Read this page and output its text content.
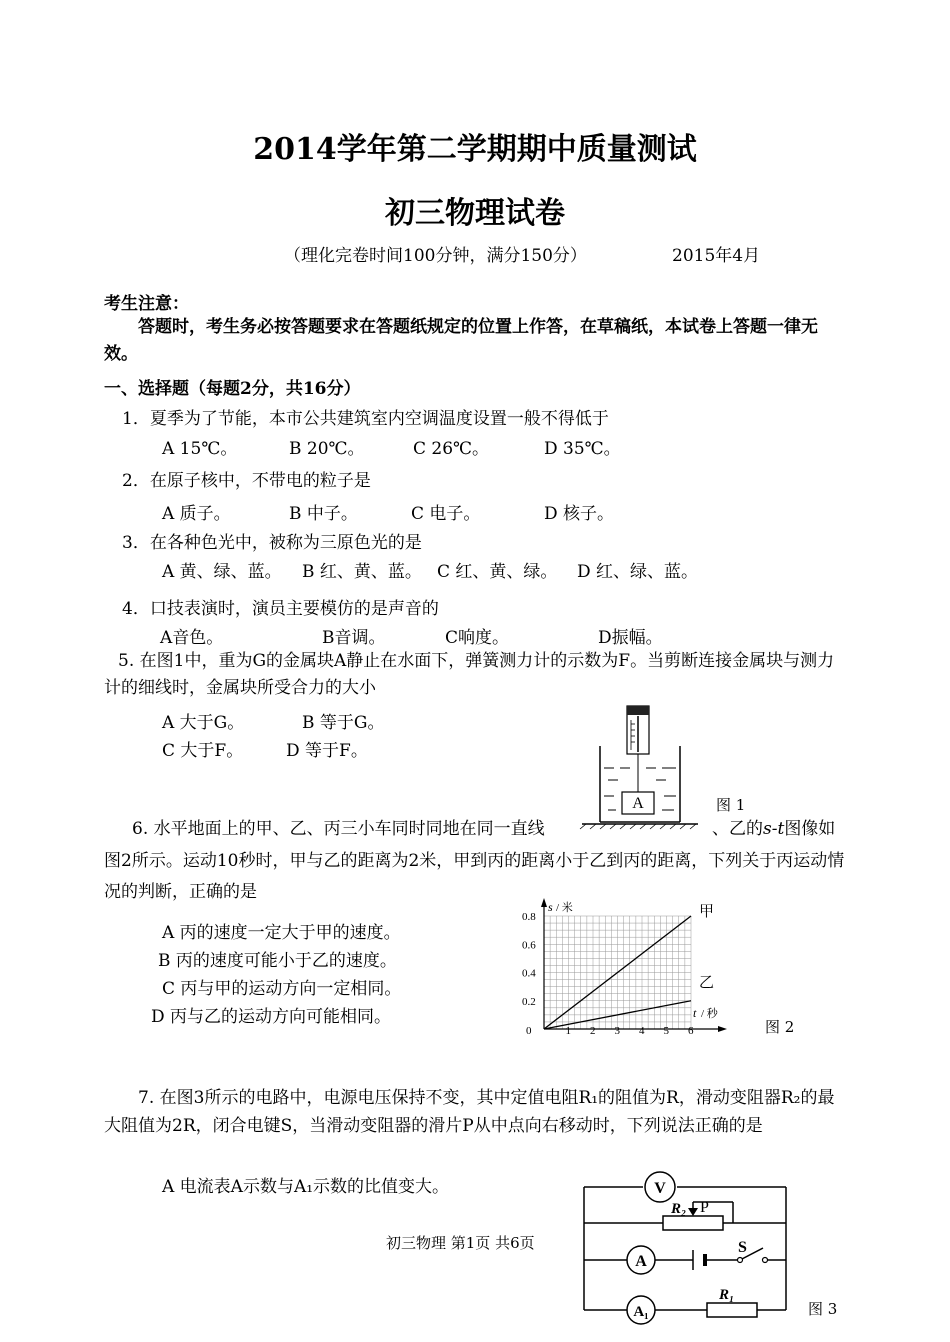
2014学年第二学期期中质量测试
初三物理试卷
（理化完卷时间100分钟，满分150分）	2015年4月
考生注意：
答题时，考生务必按答题要求在答题纸规定的位置上作答，在草稿纸，本试卷上答题一律无效。
一、选择题（每题2分，共16分）
1．夏季为了节能，本市公共建筑室内空调温度设置一般不得低于
A 15℃。	B 20℃。	C 26℃。	D 35℃。
2．在原子核中，不带电的粒子是
A 质子。	B 中子。	C 电子。	D 核子。
3．在各种色光中，被称为三原色光的是
A 黄、绿、蓝。 B 红、黄、蓝。 C 红、黄、绿。 D 红、绿、蓝。
4．口技表演时，演员主要模仿的是声音的
A音色。	B音调。	C响度。	D振幅。
5. 在图1中，重为G的金属块A静止在水面下，弹簧测力计的示数为F。当剪断连接金属块与测力计的细线时，金属块所受合力的大小
A 大于G。	B 等于G。
C 大于F。	D 等于F。
A	图 1
6. 水平地面上的甲、乙、丙三小车同时同地在同一直线	、乙的s-t图像如
图2所示。运动10秒时，甲与乙的距离为2米，甲到丙的距离小于乙到丙的距离，下列关于丙运动情况的判断，正确的是
A 丙的速度一定大于甲的速度。
B 丙的速度可能小于乙的速度。
C 丙与甲的运动方向一定相同。
D 丙与乙的运动方向可能相同。
0	1 2 3 4 5 6
0.2
0.4
0.6
0.8
s / 米
t / 秒
甲
乙
图 2
7. 在图3所示的电路中，电源电压保持不变，其中定值电阻R₁的阻值为R，滑动变阻器R₂的最大阻值为2R，闭合电键S，当滑动变阻器的滑片P从中点向右移动时，下列说法正确的是
A 电流表A示数与A₁示数的比值变大。	V
A
A₁
R₂ P
S
R₁
图 3
初三物理 第1页 共6页
